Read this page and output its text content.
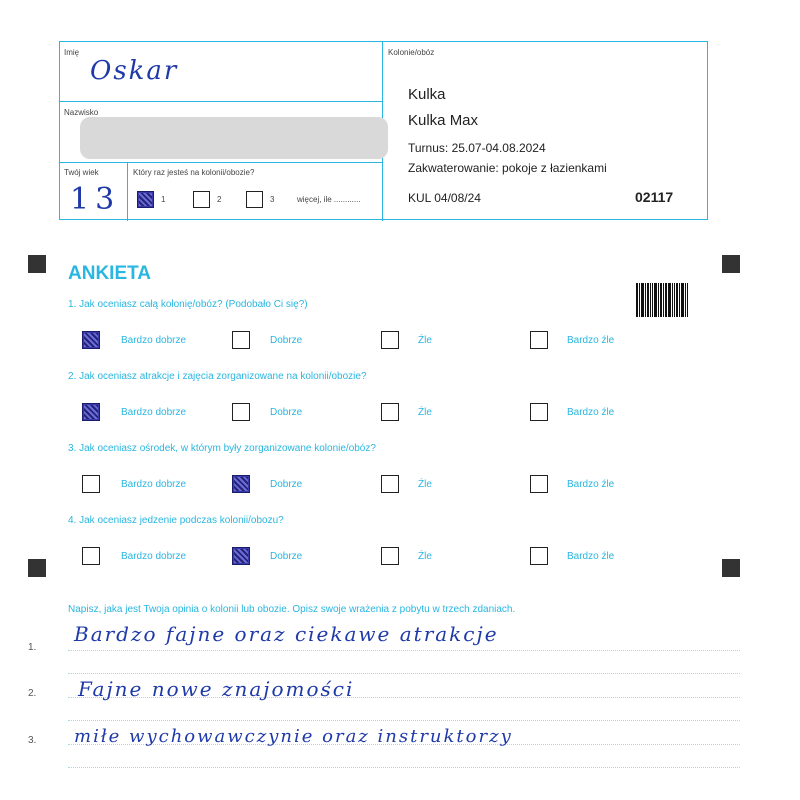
Imię
Oskar
Nazwisko
Twój wiek
13
Który raz jesteś na kolonii/obozie?
1	2	3	więcej, ile ............
Kolonie/obóz
Kulka
Kulka Max
Turnus: 25.07-04.08.2024
Zakwaterowanie: pokoje z łazienkami
KUL 04/08/24	02117
ANKIETA
1. Jak oceniasz całą kolonię/obóz? (Podobało Ci się?)
2. Jak oceniasz atrakcje i zajęcia zorganizowane na kolonii/obozie?
3. Jak oceniasz ośrodek, w którym były zorganizowane kolonie/obóz?
4. Jak oceniasz jedzenie podczas kolonii/obozu?
Bardzo dobrze	Dobrze	Źle	Bardzo źle
Bardzo dobrze	Dobrze	Źle	Bardzo źle
Bardzo dobrze	Dobrze	Źle	Bardzo źle
Bardzo dobrze	Dobrze	Źle	Bardzo źle
Napisz, jaka jest Twoja opinia o kolonii lub obozie. Opisz swoje wrażenia z pobytu w trzech zdaniach.
1.
2.
3.
Bardzo fajne oraz ciekawe atrakcje
Fajne nowe znajomości
miłe wychowawczynie oraz instruktorzy
